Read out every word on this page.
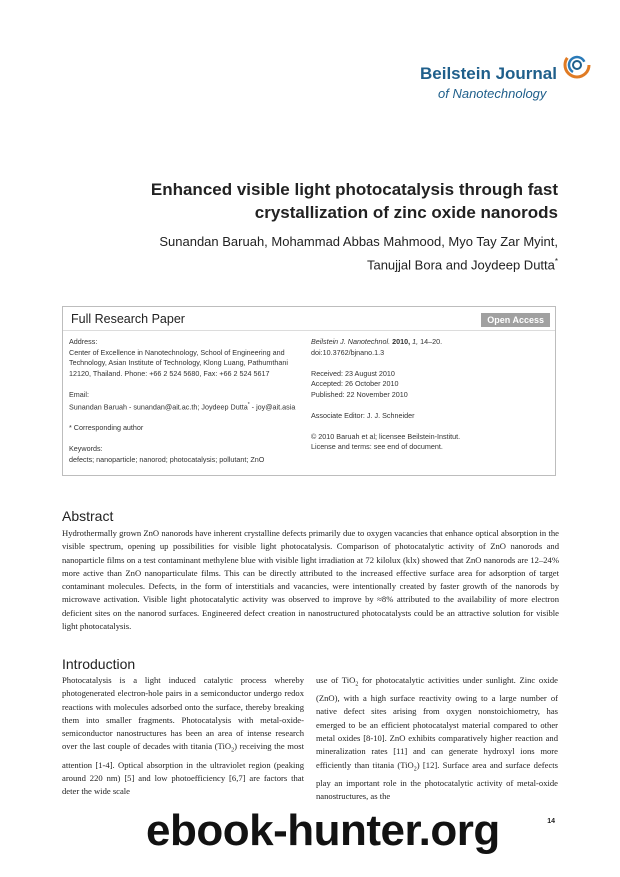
Beilstein Journal
of Nanotechnology
Enhanced visible light photocatalysis through fast
crystallization of zinc oxide nanorods
Sunandan Baruah, Mohammad Abbas Mahmood, Myo Tay Zar Myint,
Tanujjal Bora and Joydeep Dutta*
Full Research Paper	Open Access
Address:
Center of Excellence in Nanotechnology, School of Engineering and Technology, Asian Institute of Technology, Klong Luang, Pathumthani 12120, Thailand. Phone: +66 2 524 5680, Fax: +66 2 524 5617
Email:
Sunandan Baruah - sunandan@ait.ac.th; Joydeep Dutta* - joy@ait.asia
* Corresponding author
Keywords:
defects; nanoparticle; nanorod; photocatalysis; pollutant; ZnO
Beilstein J. Nanotechnol. 2010, 1, 14–20.
doi:10.3762/bjnano.1.3
Received: 23 August 2010
Accepted: 26 October 2010
Published: 22 November 2010
Associate Editor: J. J. Schneider
© 2010 Baruah et al; licensee Beilstein-Institut.
License and terms: see end of document.
Abstract
Hydrothermally grown ZnO nanorods have inherent crystalline defects primarily due to oxygen vacancies that enhance optical absorption in the visible spectrum, opening up possibilities for visible light photocatalysis. Comparison of photocatalytic activity of ZnO nanorods and nanoparticle films on a test contaminant methylene blue with visible light irradiation at 72 kilolux (klx) showed that ZnO nanorods are 12–24% more active than ZnO nanoparticulate films. This can be directly attributed to the increased effective surface area for adsorption of target contaminant molecules. Defects, in the form of interstitials and vacancies, were intentionally created by faster growth of the nanorods by microwave activation. Visible light photocatalytic activity was observed to improve by ≈8% attributed to the availability of more electron deficient sites on the nanorod surfaces. Engineered defect creation in nanostructured photocatalysts could be an attractive solution for visible light photocatalysis.
Introduction
Photocatalysis is a light induced catalytic process whereby photogenerated electron-hole pairs in a semiconductor undergo redox reactions with molecules adsorbed onto the surface, thereby breaking them into smaller fragments. Photocatalysis with metal-oxide-semiconductor nanostructures has been an area of intense research over the last couple of decades with titania (TiO$_2$) receiving the most attention [1-4]. Optical absorption in the ultraviolet region (peaking around 220 nm) [5] and low photoefficiency [6,7] are factors that deter the wide scale
use of TiO$_2$ for photocatalytic activities under sunlight. Zinc oxide (ZnO), with a high surface reactivity owing to a large number of native defect sites arising from oxygen nonstoichiometry, has emerged to be an efficient photocatalyst material compared to other metal oxides [8-10]. ZnO exhibits comparatively higher reaction and mineralization rates [11] and can generate hydroxyl ions more efficiently than titania (TiO$_2$) [12]. Surface area and surface defects play an important role in the photocatalytic activity of metal-oxide nanostructures, as the
14
ebook-hunter.org
